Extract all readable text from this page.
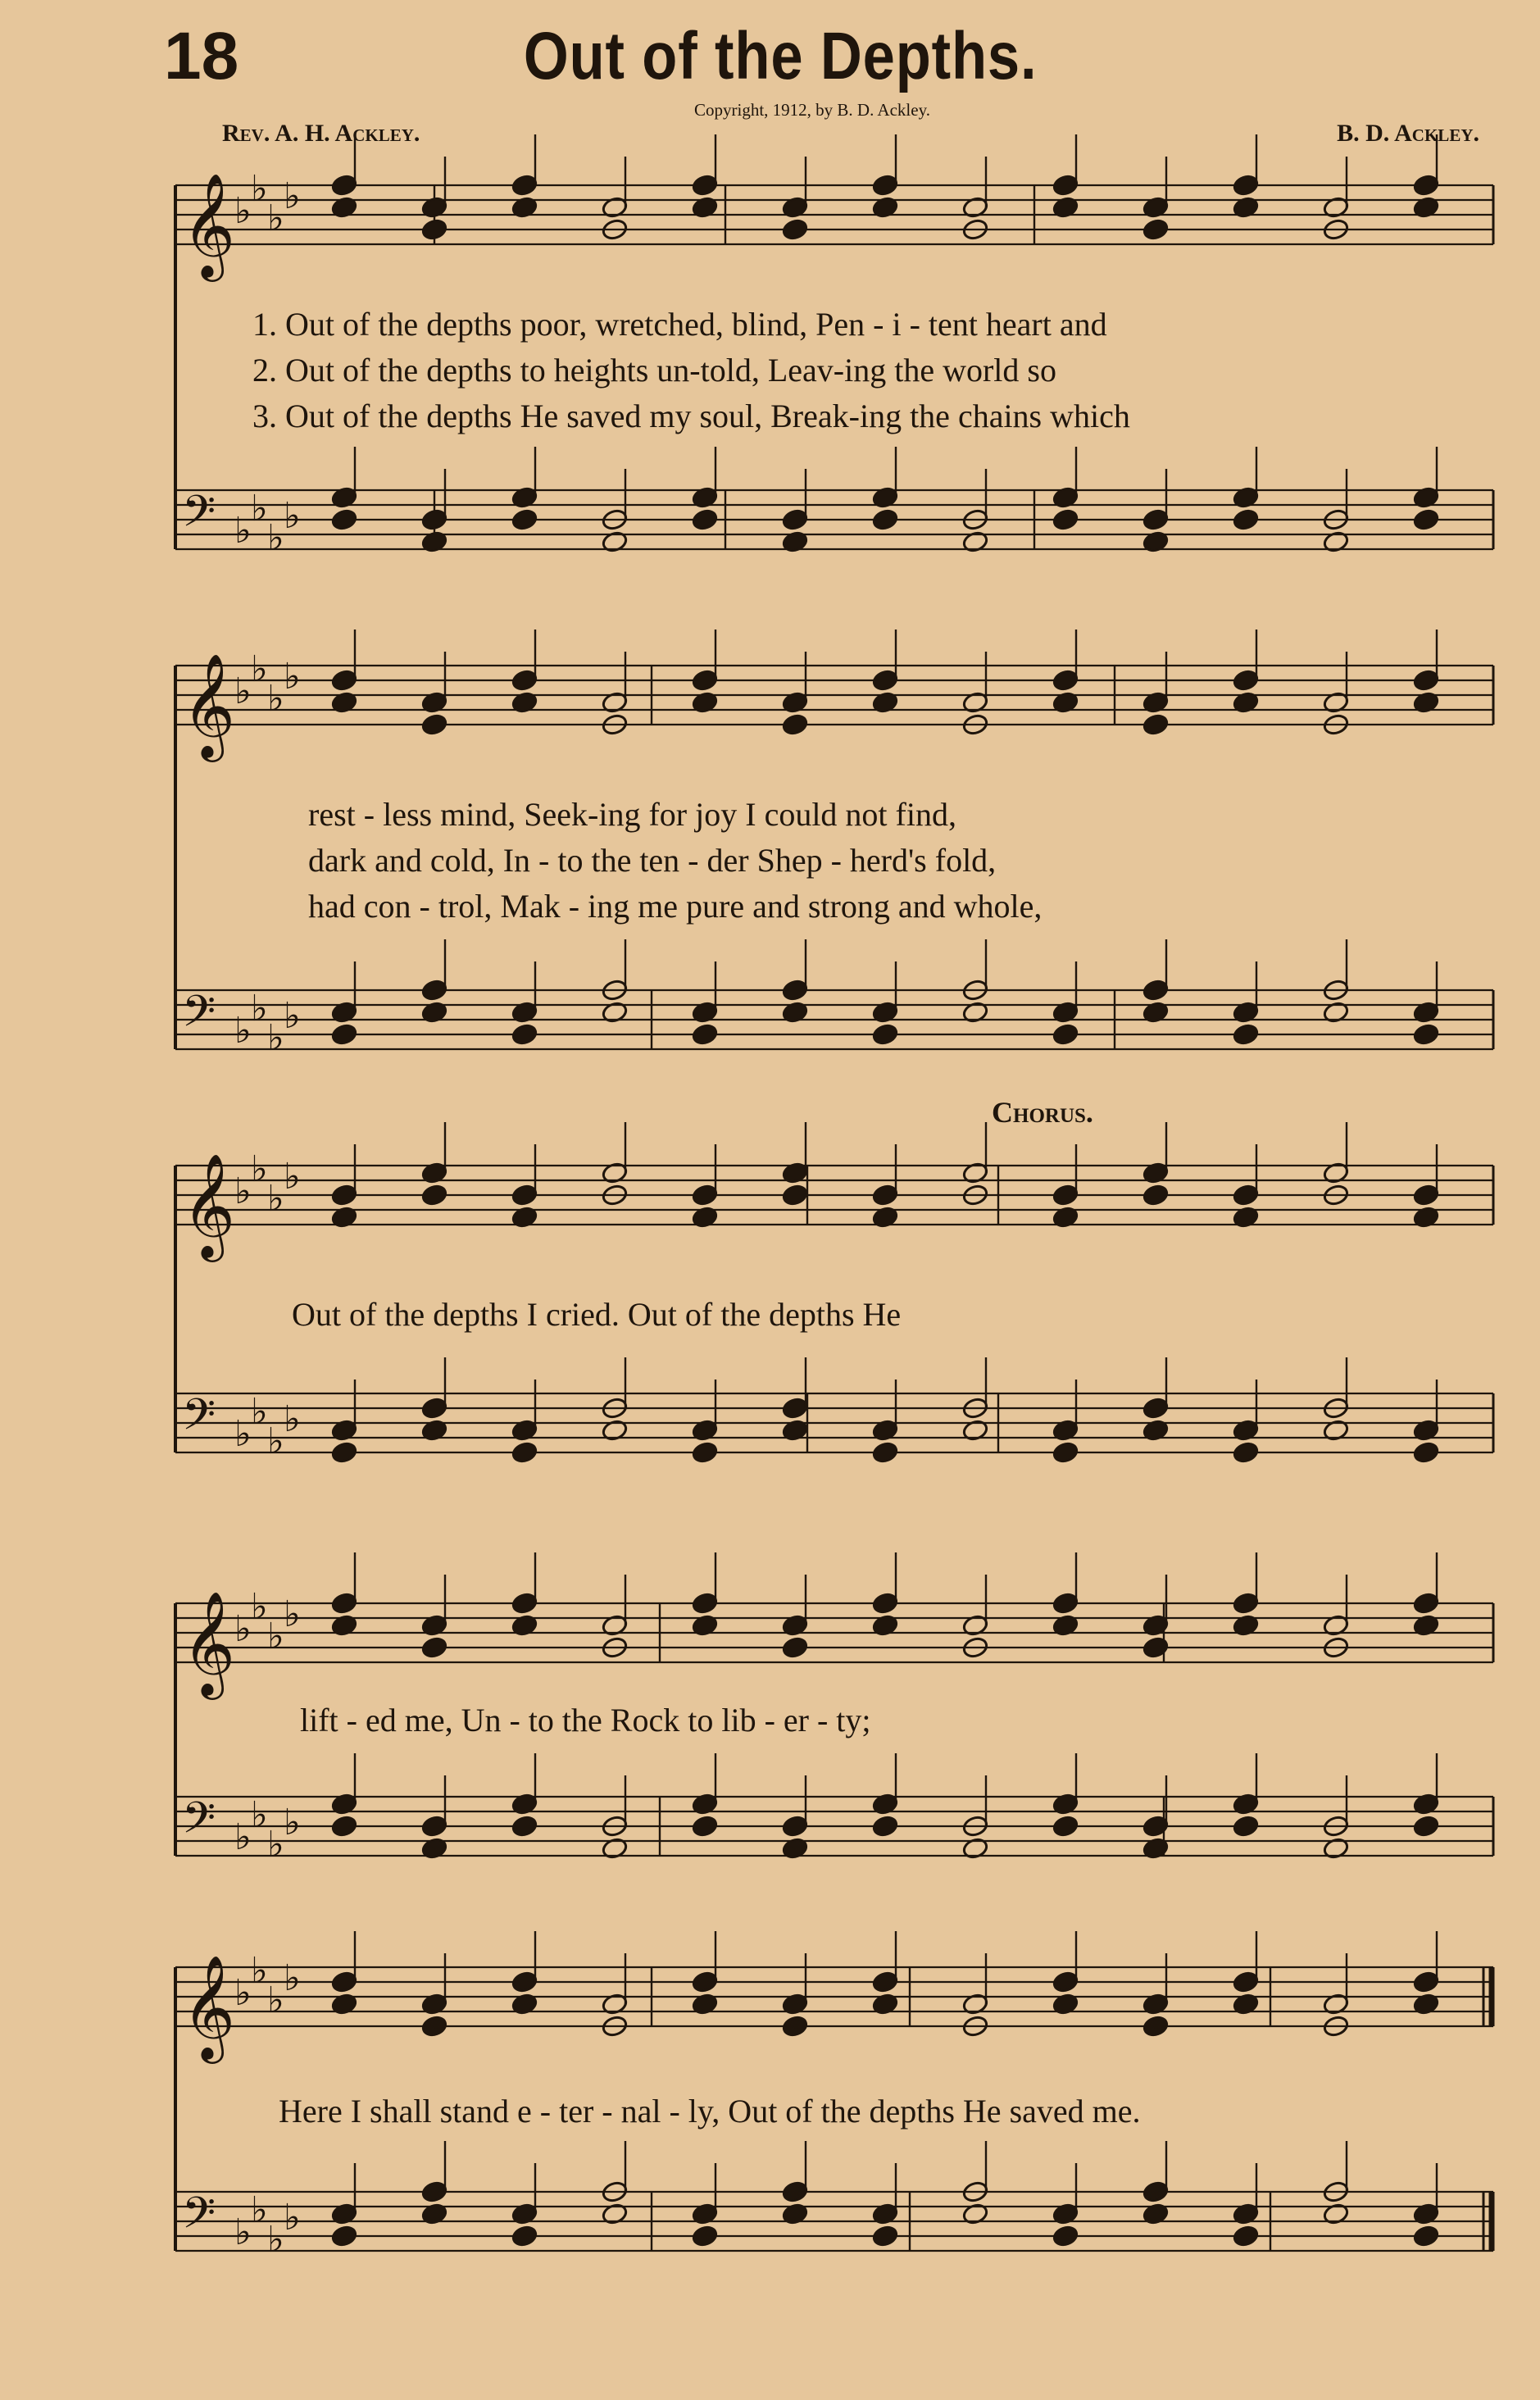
18	Out of the Depths.
Copyright, 1912, by B. D. Ackley.
Rev. A. H. Ackley.	B. D. Ackley.
𝄞
♭
♭
♭
♭
𝄢 ♭
♭
♭
♭
𝄞
♭
♭
♭
♭
𝄢 ♭
♭
♭
♭
𝄞
♭
♭
♭
♭
𝄢 ♭
♭
♭
♭
𝄞
♭
♭
♭
♭
𝄢 ♭
♭
♭
♭
𝄞
♭
♭
♭
♭
𝄢 ♭
♭
♭
♭
1. Out of the depths poor, wretched, blind, Pen - i - tent heart and
2. Out of the depths to heights un-told, Leav-ing the world so
3. Out of the depths He saved my soul, Break-ing the chains which
rest - less mind, Seek-ing for joy I could not find,
dark and cold, In - to the ten - der Shep - herd's fold,
had con - trol, Mak - ing me pure and strong and whole,
Chorus.
Out of the depths I cried. Out of the depths He
lift - ed me, Un - to the Rock to lib - er - ty;
Here I shall stand e - ter - nal - ly, Out of the depths He saved me.
